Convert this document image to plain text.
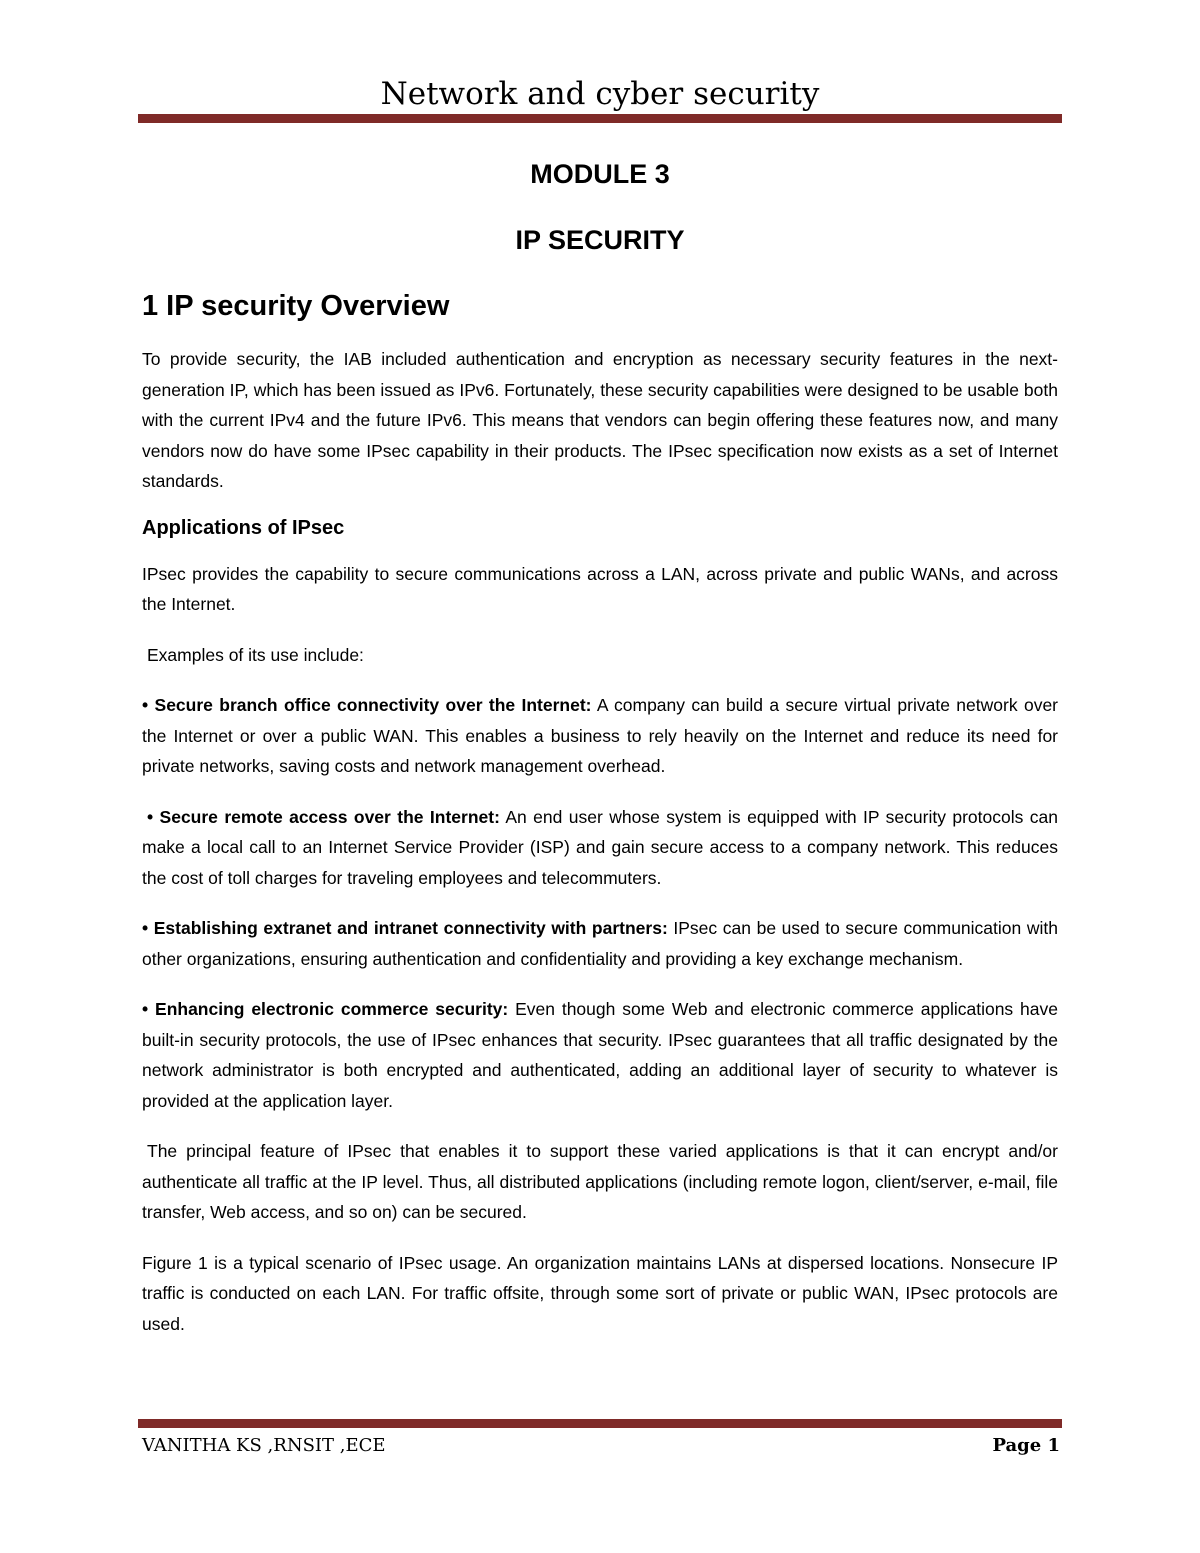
Network and cyber security
MODULE 3
IP SECURITY
1 IP security Overview

To provide security, the IAB included authentication and encryption as necessary security features in the next-generation IP, which has been issued as IPv6. Fortunately, these security capabilities were designed to be usable both with the current IPv4 and the future IPv6. This means that vendors can begin offering these features now, and many vendors now do have some IPsec capability in their products. The IPsec specification now exists as a set of Internet standards.

Applications of IPsec

IPsec provides the capability to secure communications across a LAN, across private and public WANs, and across the Internet.

Examples of its use include:

• Secure branch office connectivity over the Internet: A company can build a secure virtual private network over the Internet or over a public WAN. This enables a business to rely heavily on the Internet and reduce its need for private networks, saving costs and network management overhead.

• Secure remote access over the Internet: An end user whose system is equipped with IP security protocols can make a local call to an Internet Service Provider (ISP) and gain secure access to a company network. This reduces the cost of toll charges for traveling employees and telecommuters.

• Establishing extranet and intranet connectivity with partners: IPsec can be used to secure communication with other organizations, ensuring authentication and confidentiality and providing a key exchange mechanism.

• Enhancing electronic commerce security: Even though some Web and electronic commerce applications have built-in security protocols, the use of IPsec enhances that security. IPsec guarantees that all traffic designated by the network administrator is both encrypted and authenticated, adding an additional layer of security to whatever is provided at the application layer.

The principal feature of IPsec that enables it to support these varied applications is that it can encrypt and/or authenticate all traffic at the IP level. Thus, all distributed applications (including remote logon, client/server, e-mail, file transfer, Web access, and so on) can be secured.

Figure 1 is a typical scenario of IPsec usage. An organization maintains LANs at dispersed locations. Nonsecure IP traffic is conducted on each LAN. For traffic offsite, through some sort of private or public WAN, IPsec protocols are used.

VANITHA KS ,RNSIT ,ECE	Page 1
